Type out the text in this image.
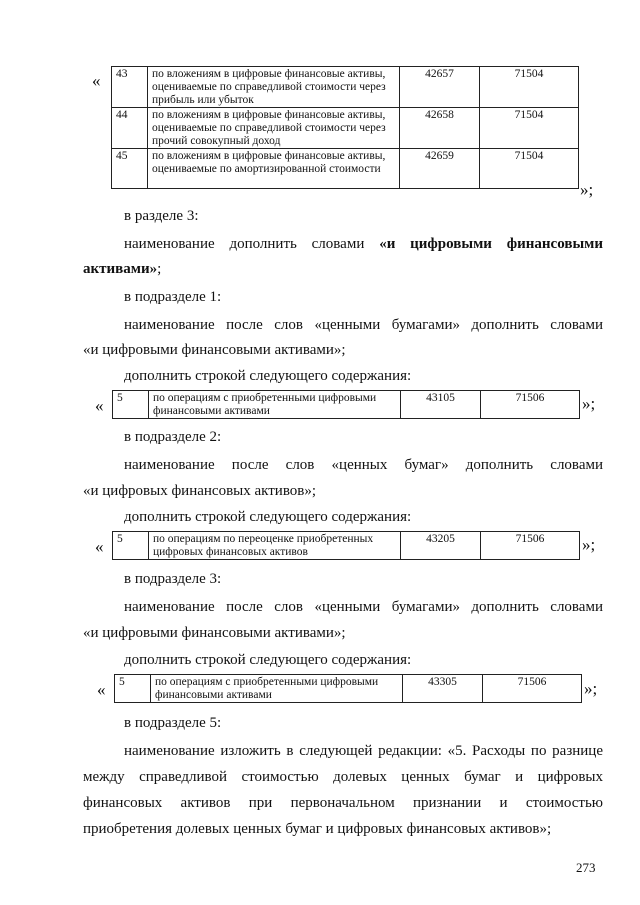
« 43	по вложениям в цифровые финансовые активы, оцениваемые по справедливой стоимости через прибыль или убыток	42657	71504
44	по вложениям в цифровые финансовые активы, оцениваемые по справедливой стоимости через прочий совокупный доход	42658	71504
45	по вложениям в цифровые финансовые активы, оцениваемые по амортизированной стоимости	42659	71504
»;
в разделе 3:
наименование дополнить словами «и цифровыми финансовыми
активами»;
в подразделе 1:
наименование после слов «ценными бумагами» дополнить словами
«и цифровыми финансовыми активами»;
дополнить строкой следующего содержания:
« 5	по операциям с приобретенными цифровыми финансовыми активами	43105	71506 »;
в подразделе 2:
наименование после слов «ценных бумаг» дополнить словами
«и цифровых финансовых активов»;
дополнить строкой следующего содержания:
« 5	по операциям по переоценке приобретенных цифровых финансовых активов	43205	71506 »;
в подразделе 3:
наименование после слов «ценными бумагами» дополнить словами
«и цифровыми финансовыми активами»;
дополнить строкой следующего содержания:
« 5	по операциям с приобретенными цифровыми финансовыми активами	43305	71506 »;
в подразделе 5:
наименование изложить в следующей редакции: «5. Расходы по разнице
между справедливой стоимостью долевых ценных бумаг и цифровых
финансовых активов при первоначальном признании и стоимостью
приобретения долевых ценных бумаг и цифровых финансовых активов»;
273
